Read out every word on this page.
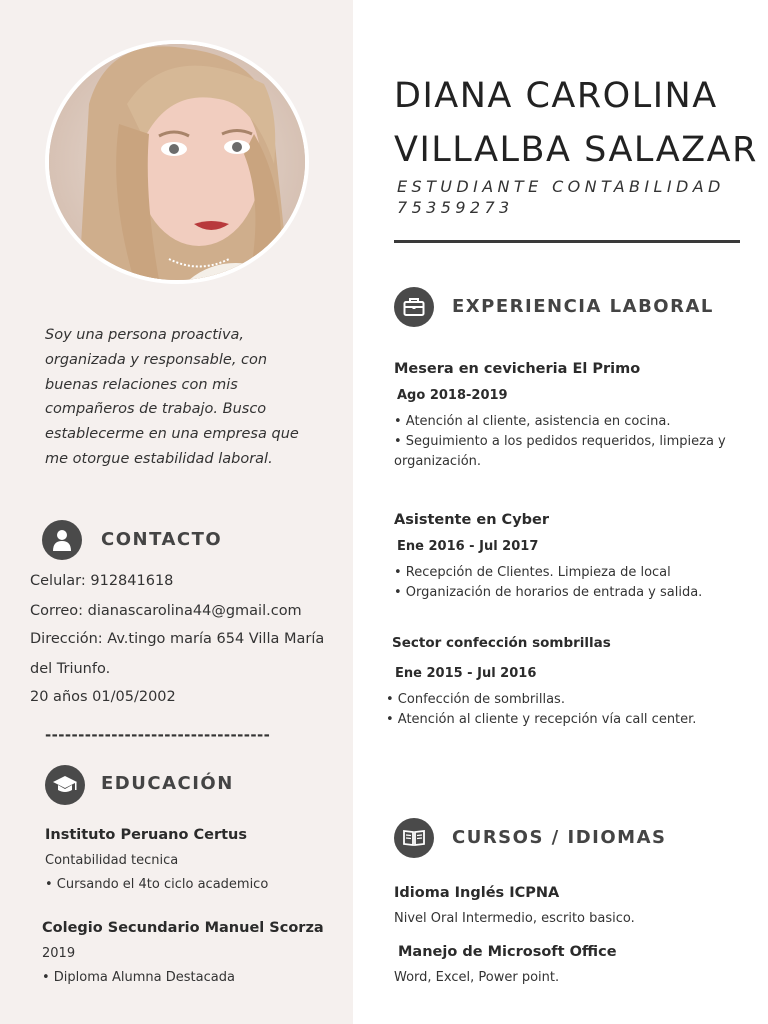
Soy una persona proactiva,
organizada y responsable, con
buenas relaciones con mis
compañeros de trabajo. Busco
establecerme en una empresa que
me otorgue estabilidad laboral.
CONTACTO
Celular: 912841618
Correo: dianascarolina44@gmail.com
Dirección: Av.tingo maría 654 Villa María
del Triunfo.
20 años 01/05/2002
----------------------------------
EDUCACIÓN
Instituto Peruano Certus
Contabilidad tecnica
• Cursando el 4to ciclo academico
Colegio Secundario Manuel Scorza
2019
• Diploma Alumna Destacada
DIANA CAROLINA
VILLALBA SALAZAR
ESTUDIANTE CONTABILIDAD
75359273
EXPERIENCIA LABORAL
Mesera en cevicheria El Primo
Ago 2018-2019
• Atención al cliente, asistencia en cocina.
• Seguimiento a los pedidos requeridos, limpieza y
organización.
Asistente en Cyber
Ene 2016 - Jul 2017
• Recepción de Clientes. Limpieza de local
• Organización de horarios de entrada y salida.
Sector confección sombrillas
Ene 2015 - Jul 2016
• Confección de sombrillas.
• Atención al cliente y recepción vía call center.
CURSOS / IDIOMAS
Idioma Inglés ICPNA
Nivel Oral Intermedio, escrito basico.
Manejo de Microsoft Office
Word, Excel, Power point.
